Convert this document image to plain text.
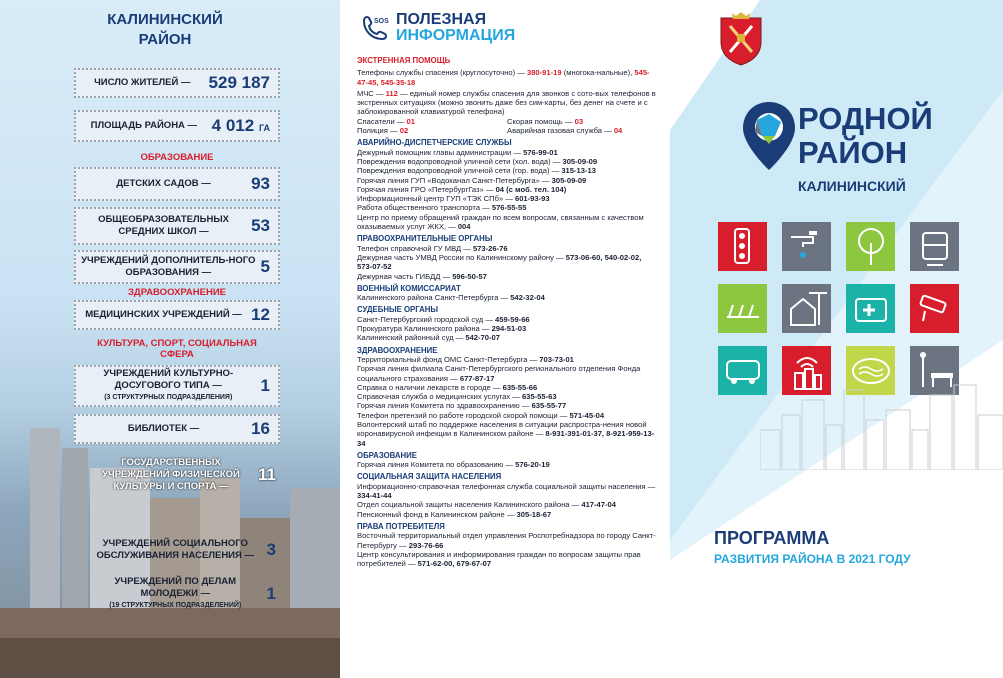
КАЛИНИНСКИЙ
РАЙОН
ЧИСЛО ЖИТЕЛЕЙ —	529 187
ПЛОЩАДЬ РАЙОНА — 4 012 ГА
ОБРАЗОВАНИЕ
ДЕТСКИХ САДОВ —	93
ОБЩЕОБРАЗОВАТЕЛЬНЫХ СРЕДНИХ ШКОЛ —	53
УЧРЕЖДЕНИЙ ДОПОЛНИТЕЛЬ-НОГО ОБРАЗОВАНИЯ —	5
ЗДРАВООХРАНЕНИЕ
МЕДИЦИНСКИХ УЧРЕЖДЕНИЙ — 12
КУЛЬТУРА, СПОРТ, СОЦИАЛЬНАЯ СФЕРА
УЧРЕЖДЕНИЙ КУЛЬТУРНО-ДОСУГОВОГО ТИПА —
(3 СТРУКТУРНЫХ ПОДРАЗДЕЛЕНИЯ)
1
БИБЛИОТЕК —	16
ГОСУДАРСТВЕННЫХ УЧРЕЖДЕНИЙ ФИЗИЧЕСКОЙ КУЛЬТУРЫ И СПОРТА —
11
УЧРЕЖДЕНИЙ СОЦИАЛЬНОГО ОБСЛУЖИВАНИЯ НАСЕЛЕНИЯ — 3
УЧРЕЖДЕНИЙ ПО ДЕЛАМ МОЛОДЕЖИ —
(19 СТРУКТУРНЫХ ПОДРАЗДЕЛЕНИЙ)
1
SOS ПОЛЕЗНАЯ
ИНФОРМАЦИЯ
ЭКСТРЕННАЯ ПОМОЩЬ
Телефоны службы спасения (круглосуточно) — 380-91-19 (многока-нальные), 545-47-45, 545-35-18
МЧС — 112 — единый номер службы спасения для звонков с сото-вых телефонов в экстренных ситуациях (можно звонить даже без сим-карты, без денег на счете и с заблокированной клавиатурой телефона)
Спасатели — 01	Скорая помощь — 03
Полиция — 02	Аварийная газовая служба — 04
АВАРИЙНО-ДИСПЕТЧЕРСКИЕ СЛУЖБЫ
Дежурный помощник главы администрации — 576-99-01
Повреждения водопроводной уличной сети (хол. вода) — 305-09-09
Повреждения водопроводной уличной сети (гор. вода) — 315-13-13
Горячая линия ГУП «Водоканал Санкт-Петербурга» — 305-09-09
Горячая линия ГРО «ПетербургГаз» — 04 (с моб. тел. 104)
Информационный центр ГУП «ТЭК СПб» — 601-93-93
Работа общественного транспорта — 576-55-55
Центр по приему обращений граждан по всем вопросам, связанным с качеством оказываемых услуг ЖКХ, — 004
ПРАВООХРАНИТЕЛЬНЫЕ ОРГАНЫ
Телефон справочной ГУ МВД — 573-26-76
Дежурная часть УМВД России по Калининскому району — 573-06-60, 540-02-02, 573-07-52
Дежурная часть ГИБДД — 596-50-57
ВОЕННЫЙ КОМИССАРИАТ
Калининского района Санкт-Петербурга — 542-32-04
СУДЕБНЫЕ ОРГАНЫ
Санкт-Петербургский городской суд — 459-59-66
Прокуратура Калининского района — 294-51-03
Калининский районный суд — 542-70-07
ЗДРАВООХРАНЕНИЕ
Территориальный фонд ОМС Санкт-Петербурга — 703-73-01
Горячая линия филиала Санкт-Петербургского регионального отделения Фонда социального страхования — 677-87-17
Справка о наличии лекарств в городе — 635-55-66
Справочная служба о медицинских услугах — 635-55-63
Горячая линия Комитета по здравоохранению — 635-55-77
Телефон претензий по работе городской скорой помощи — 571-45-04
Волонтерский штаб по поддержке населения в ситуации распростра-нения новой коронавирусной инфекции в Калининском районе — 8-931-391-01-37, 8-921-959-13-34
ОБРАЗОВАНИЕ
Горячая линия Комитета по образованию — 576-20-19
СОЦИАЛЬНАЯ ЗАЩИТА НАСЕЛЕНИЯ
Информационно-справочная телефонная служба социальной защиты населения — 334-41-44
Отдел социальной защиты населения Калининского района — 417-47-04
Пенсионный фонд в Калининском районе — 305-18-67
ПРАВА ПОТРЕБИТЕЛЯ
Восточный территориальный отдел управления Роспотребнадзора по городу Санкт-Петербургу — 293-76-66
Центр консультирования и информирования граждан по вопросам защиты прав потребителей — 571-62-00, 679-67-07
РОДНОЙ
РАЙОН
КАЛИНИНСКИЙ
ПРОГРАММА
РАЗВИТИЯ РАЙОНА В 2021 ГОДУ
